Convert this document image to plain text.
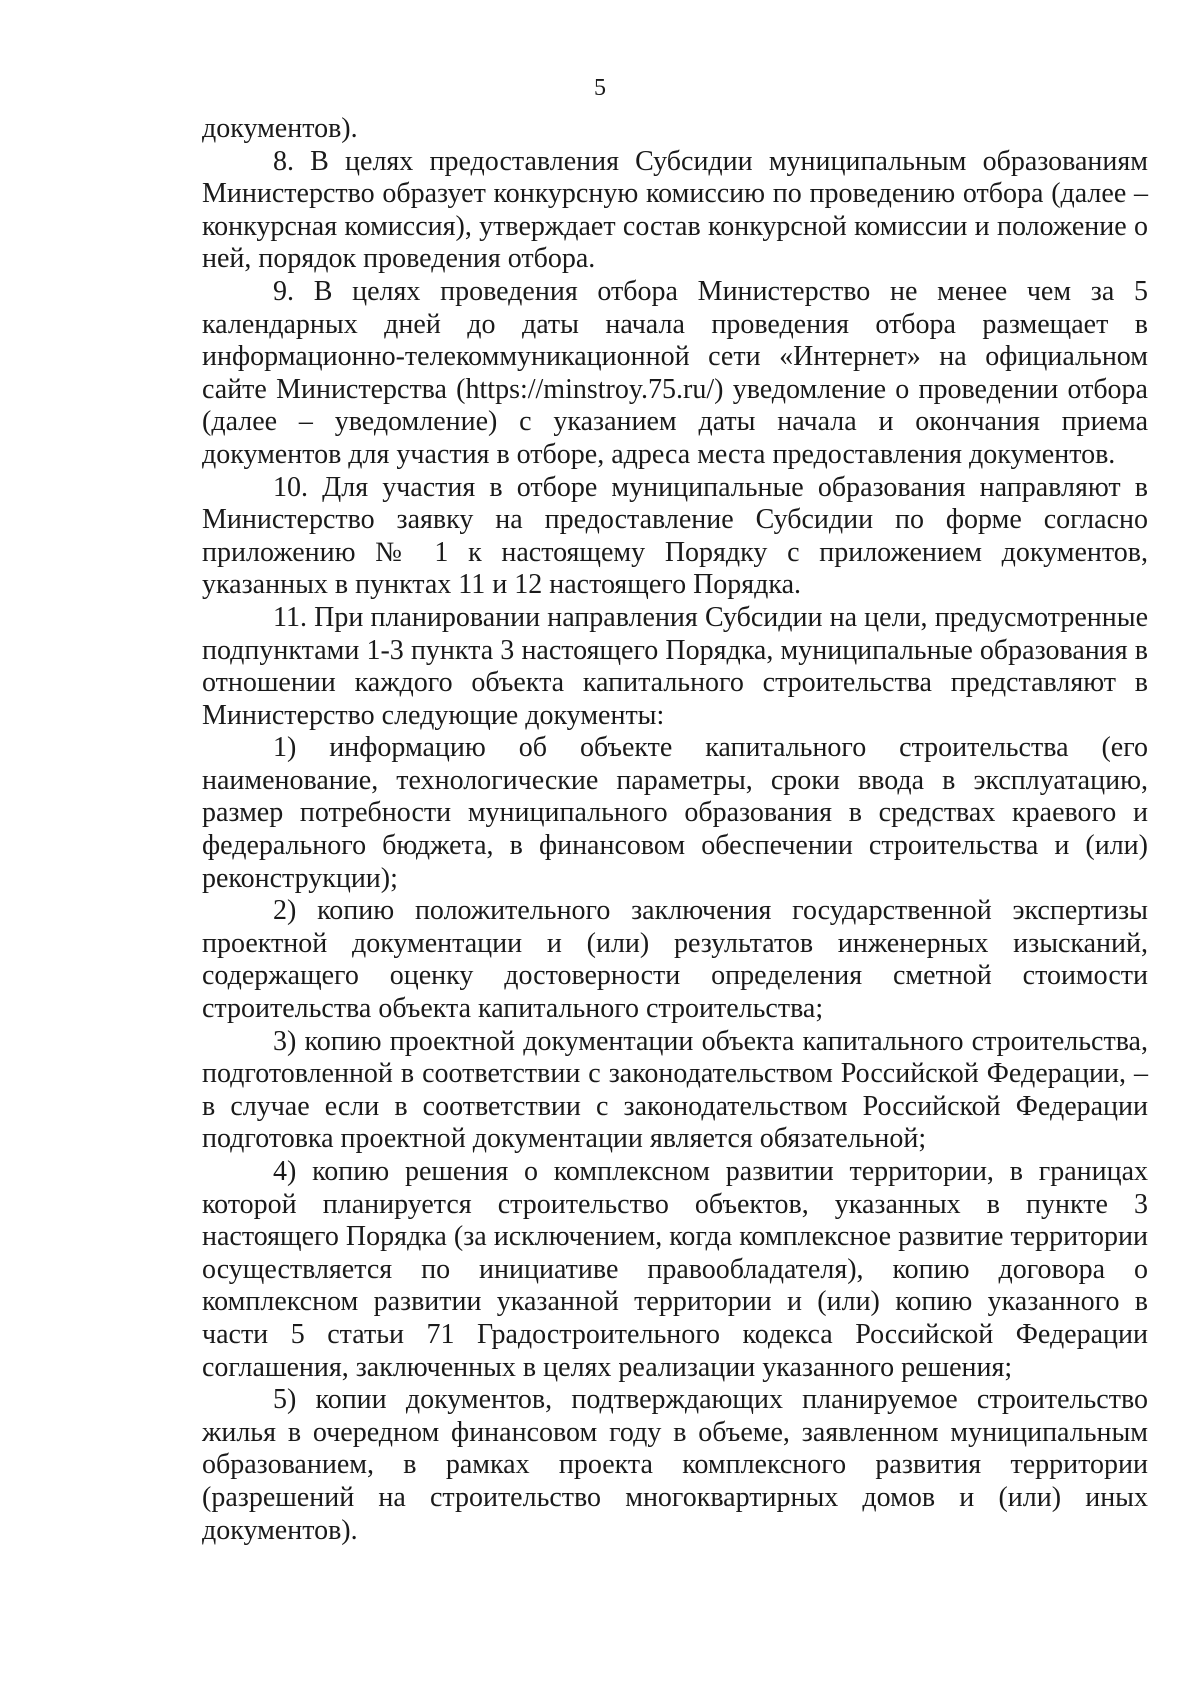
5

документов).

8. В целях предоставления Субсидии муниципальным образованиям Министерство образует конкурсную комиссию по проведению отбора (далее – конкурсная комиссия), утверждает состав конкурсной комиссии и положение о ней, порядок проведения отбора.

9. В целях проведения отбора Министерство не менее чем за 5 календарных дней до даты начала проведения отбора размещает в информационно-телекоммуникационной сети «Интернет» на официальном сайте Министерства (https://minstroy.75.ru/) уведомление о проведении отбора (далее – уведомление) с указанием даты начала и окончания приема документов для участия в отборе, адреса места предоставления документов.

10. Для участия в отборе муниципальные образования направляют в Министерство заявку на предоставление Субсидии по форме согласно приложению № 1 к настоящему Порядку с приложением документов, указанных в пунктах 11 и 12 настоящего Порядка.

11. При планировании направления Субсидии на цели, предусмотренные подпунктами 1-3 пункта 3 настоящего Порядка, муниципальные образования в отношении каждого объекта капитального строительства представляют в Министерство следующие документы:

1) информацию об объекте капитального строительства (его наименование, технологические параметры, сроки ввода в эксплуатацию, размер потребности муниципального образования в средствах краевого и федерального бюджета, в финансовом обеспечении строительства и (или) реконструкции);

2) копию положительного заключения государственной экспертизы проектной документации и (или) результатов инженерных изысканий, содержащего оценку достоверности определения сметной стоимости строительства объекта капитального строительства;

3) копию проектной документации объекта капитального строительства, подготовленной в соответствии с законодательством Российской Федерации, – в случае если в соответствии с законодательством Российской Федерации подготовка проектной документации является обязательной;

4) копию решения о комплексном развитии территории, в границах которой планируется строительство объектов, указанных в пункте 3 настоящего Порядка (за исключением, когда комплексное развитие территории осуществляется по инициативе правообладателя), копию договора о комплексном развитии указанной территории и (или) копию указанного в части 5 статьи 71 Градостроительного кодекса Российской Федерации соглашения, заключенных в целях реализации указанного решения;

5) копии документов, подтверждающих планируемое строительство жилья в очередном финансовом году в объеме, заявленном муниципальным образованием, в рамках проекта комплексного развития территории (разрешений на строительство многоквартирных домов и (или) иных документов).
